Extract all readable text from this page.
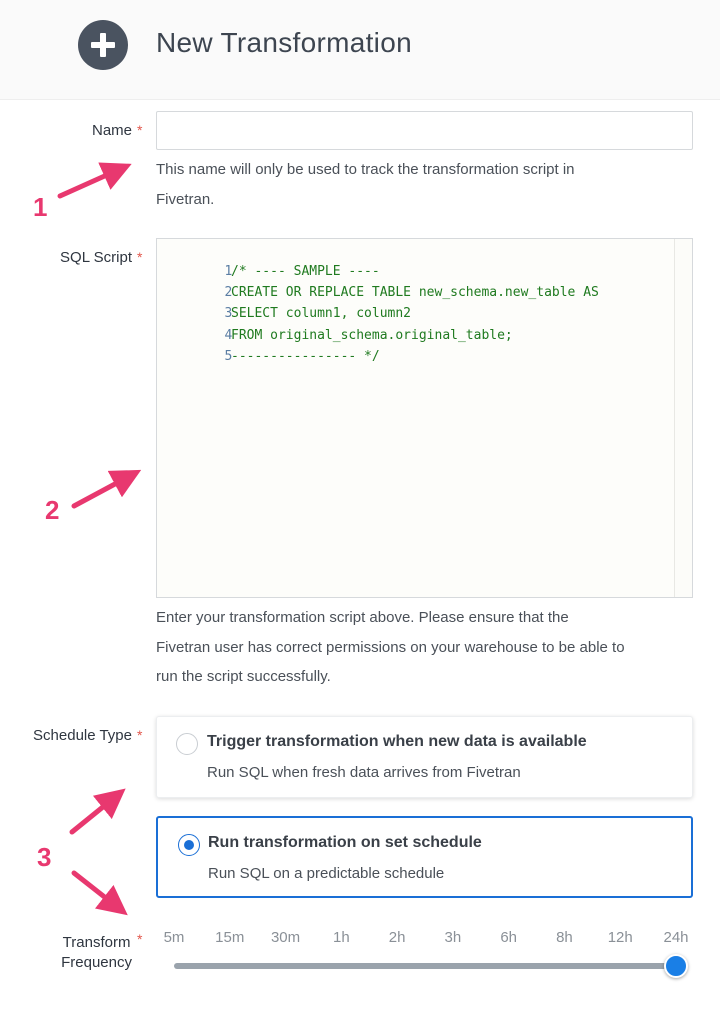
New Transformation
Name *
This name will only be used to track the transformation script in
Fivetran.
SQL Script *

1
/* ---- SAMPLE ----

2
CREATE OR REPLACE TABLE new_schema.new_table AS

3
SELECT column1, column2

4
FROM original_schema.original_table;

5
---------------- */

Enter your transformation script above. Please ensure that the
Fivetran user has correct permissions on your warehouse to be able to
run the script successfully.
Schedule Type *	Trigger transformation when new data is available
Run SQL when fresh data arrives from Fivetran
Run transformation on set schedule
Run SQL on a predictable schedule
Transform
Frequency
* 5m 15m 30m 1h	2h	3h	6h	8h 12h 24h
1
2
3
